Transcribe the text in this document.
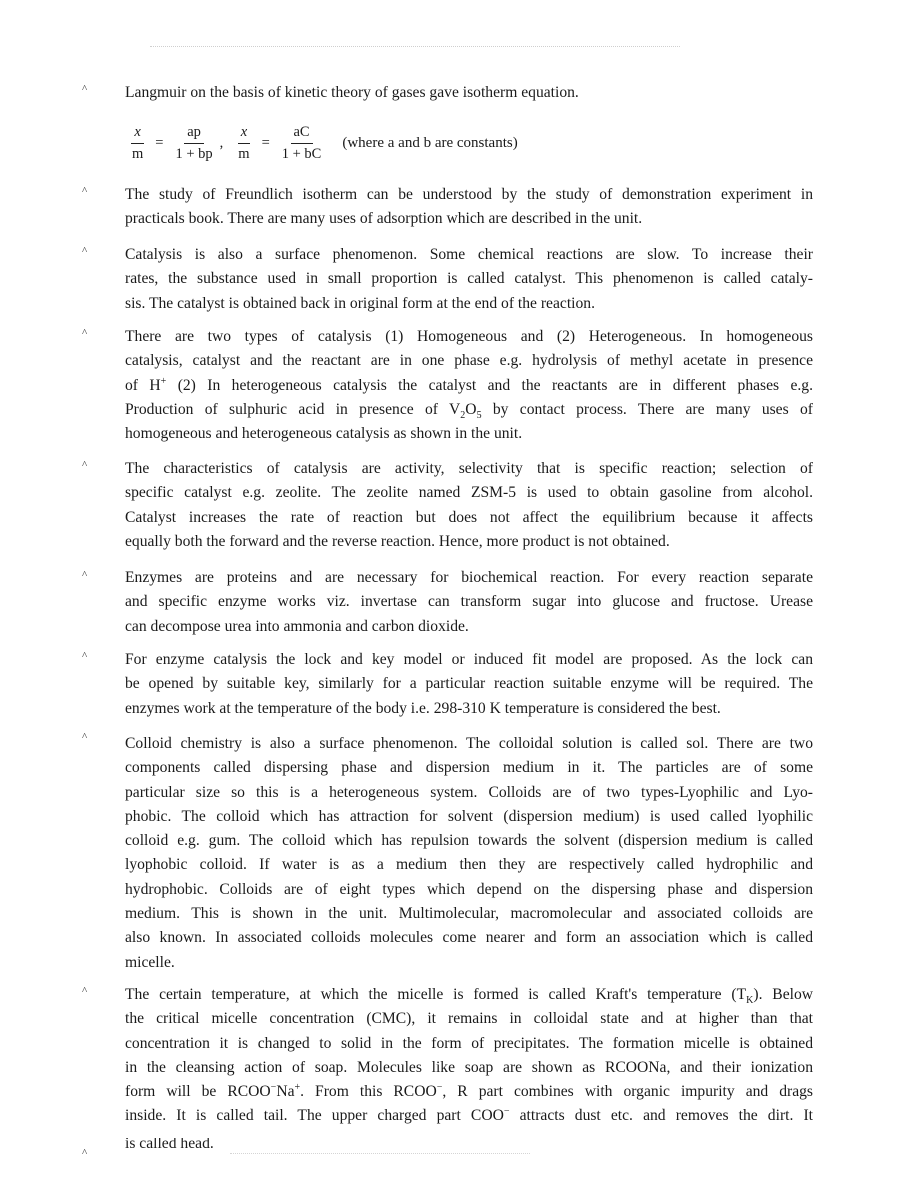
^
^
^
^
^
^
^
^
^
^

Langmuir on the basis of kinetic theory of gases gave isotherm equation.

$\frac{x}{m} = \frac{ap}{1 + bp}$ , $\frac{x}{m} = \frac{aC}{1 + bC}$ (where a and b are constants)

The study of Freundlich isotherm can be understood by the study of demonstration experiment in
practicals book. There are many uses of adsorption which are described in the unit.

Catalysis is also a surface phenomenon. Some chemical reactions are slow. To increase their
rates, the substance used in small proportion is called catalyst. This phenomenon is called cataly-
sis. The catalyst is obtained back in original form at the end of the reaction.

There are two types of catalysis (1) Homogeneous and (2) Heterogeneous. In homogeneous
catalysis, catalyst and the reactant are in one phase e.g. hydrolysis of methyl acetate in presence
of H+ (2) In heterogeneous catalysis the catalyst and the reactants are in different phases e.g.
Production of sulphuric acid in presence of $V_2O_5$ by contact process. There are many uses of
homogeneous and heterogeneous catalysis as shown in the unit.

The characteristics of catalysis are activity, selectivity that is specific reaction; selection of
specific catalyst e.g. zeolite. The zeolite named ZSM-5 is used to obtain gasoline from alcohol.
Catalyst increases the rate of reaction but does not affect the equilibrium because it affects
equally both the forward and the reverse reaction. Hence, more product is not obtained.

Enzymes are proteins and are necessary for biochemical reaction. For every reaction separate
and specific enzyme works viz. invertase can transform sugar into glucose and fructose. Urease
can decompose urea into ammonia and carbon dioxide.

For enzyme catalysis the lock and key model or induced fit model are proposed. As the lock can
be opened by suitable key, similarly for a particular reaction suitable enzyme will be required. The
enzymes work at the temperature of the body i.e. 298-310 K temperature is considered the best.

Colloid chemistry is also a surface phenomenon. The colloidal solution is called sol. There are two
components called dispersing phase and dispersion medium in it. The particles are of some
particular size so this is a heterogeneous system. Colloids are of two types-Lyophilic and Lyo-
phobic. The colloid which has attraction for solvent (dispersion medium) is used called lyophilic
colloid e.g. gum. The colloid which has repulsion towards the solvent (dispersion medium is called
lyophobic colloid. If water is as a medium then they are respectively called hydrophilic and
hydrophobic. Colloids are of eight types which depend on the dispersing phase and dispersion
medium. This is shown in the unit. Multimolecular, macromolecular and associated colloids are
also known. In associated colloids molecules come nearer and form an association which is called
micelle.

The certain temperature, at which the micelle is formed is called Kraft's temperature $(T_K)$. Below
the critical micelle concentration (CMC), it remains in colloidal state and at higher than that
concentration it is changed to solid in the form of precipitates. The formation micelle is obtained
in the cleansing action of soap. Molecules like soap are shown as RCOONa, and their ionization
form will be RCOO−Na+. From this RCOO−, R part combines with organic impurity and drags
inside. It is called tail. The upper charged part COO− attracts dust etc. and removes the dirt. It

is called head.
